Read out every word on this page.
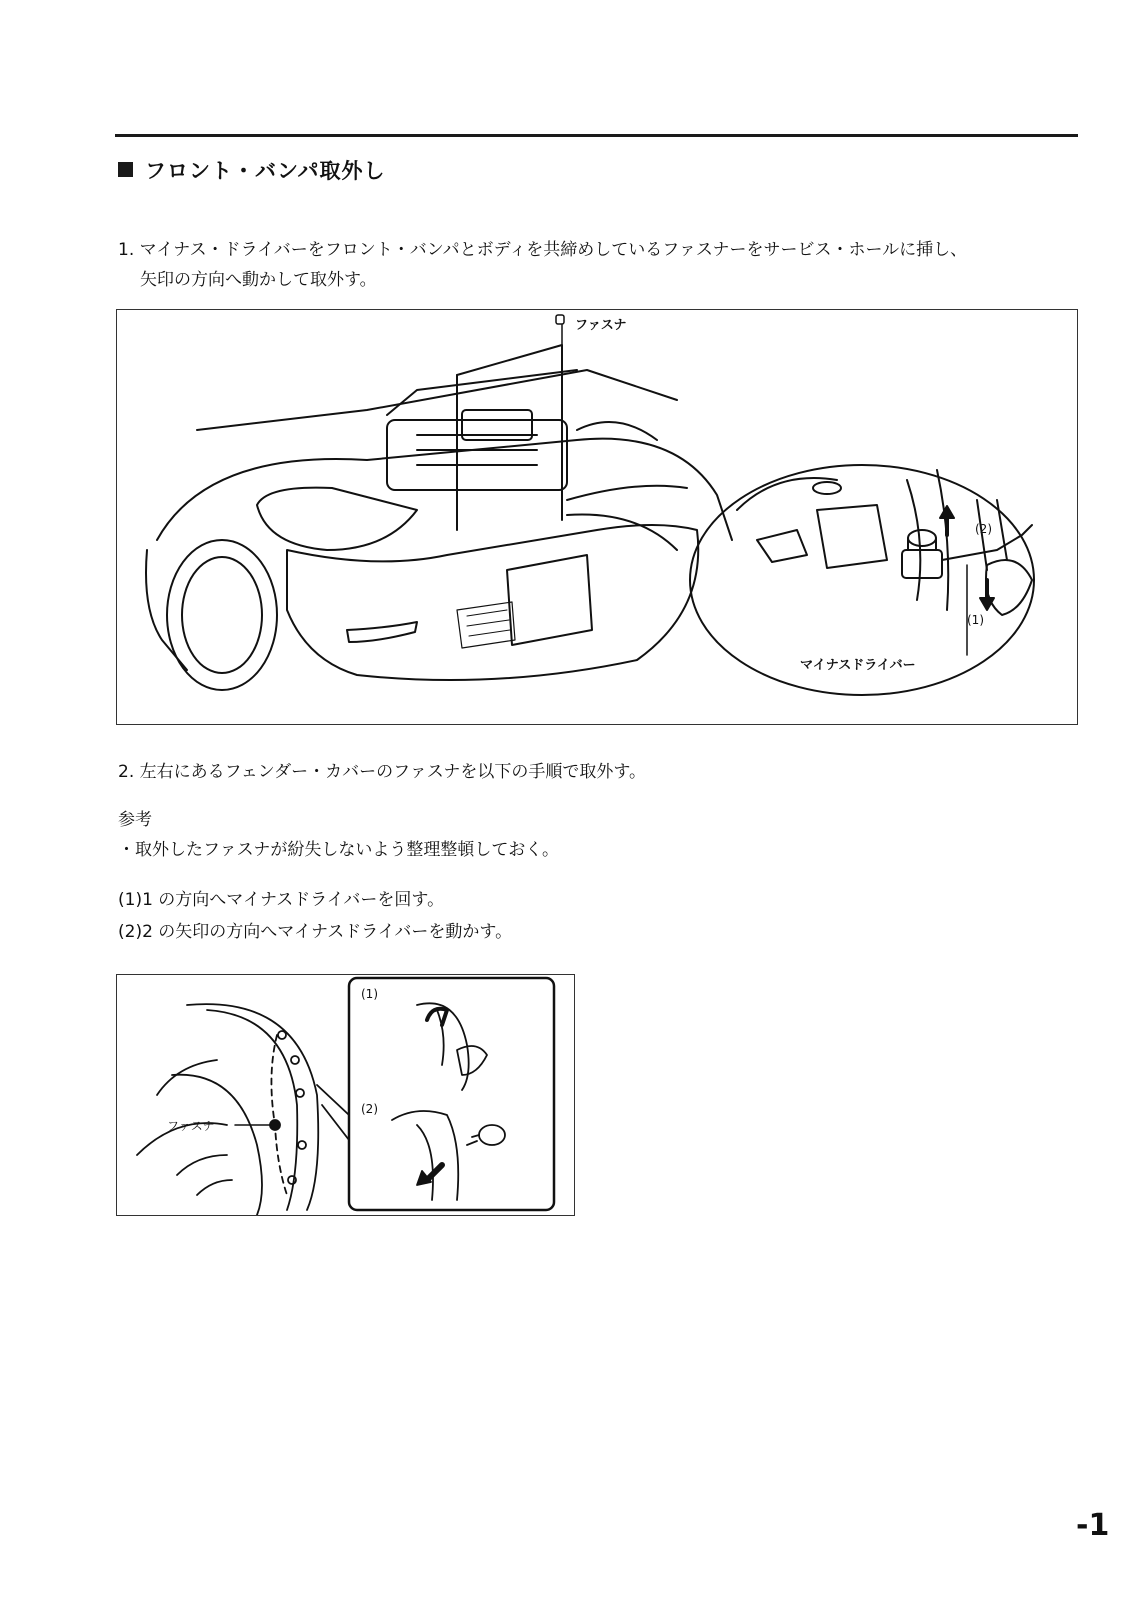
フロント・バンパ取外し
1. マイナス・ドライバーをフロント・バンパとボディを共締めしているファスナーをサービス・ホールに挿し、
矢印の方向へ動かして取外す。
ファスナ
(2)
(1)
マイナスドライバー
2. 左右にあるフェンダー・カバーのファスナを以下の手順で取外す。
参考
・取外したファスナが紛失しないよう整理整頓しておく。
(1)1 の方向へマイナスドライバーを回す。
(2)2 の矢印の方向へマイナスドライバーを動かす。
(1)
(2)
ファスナ
-1
